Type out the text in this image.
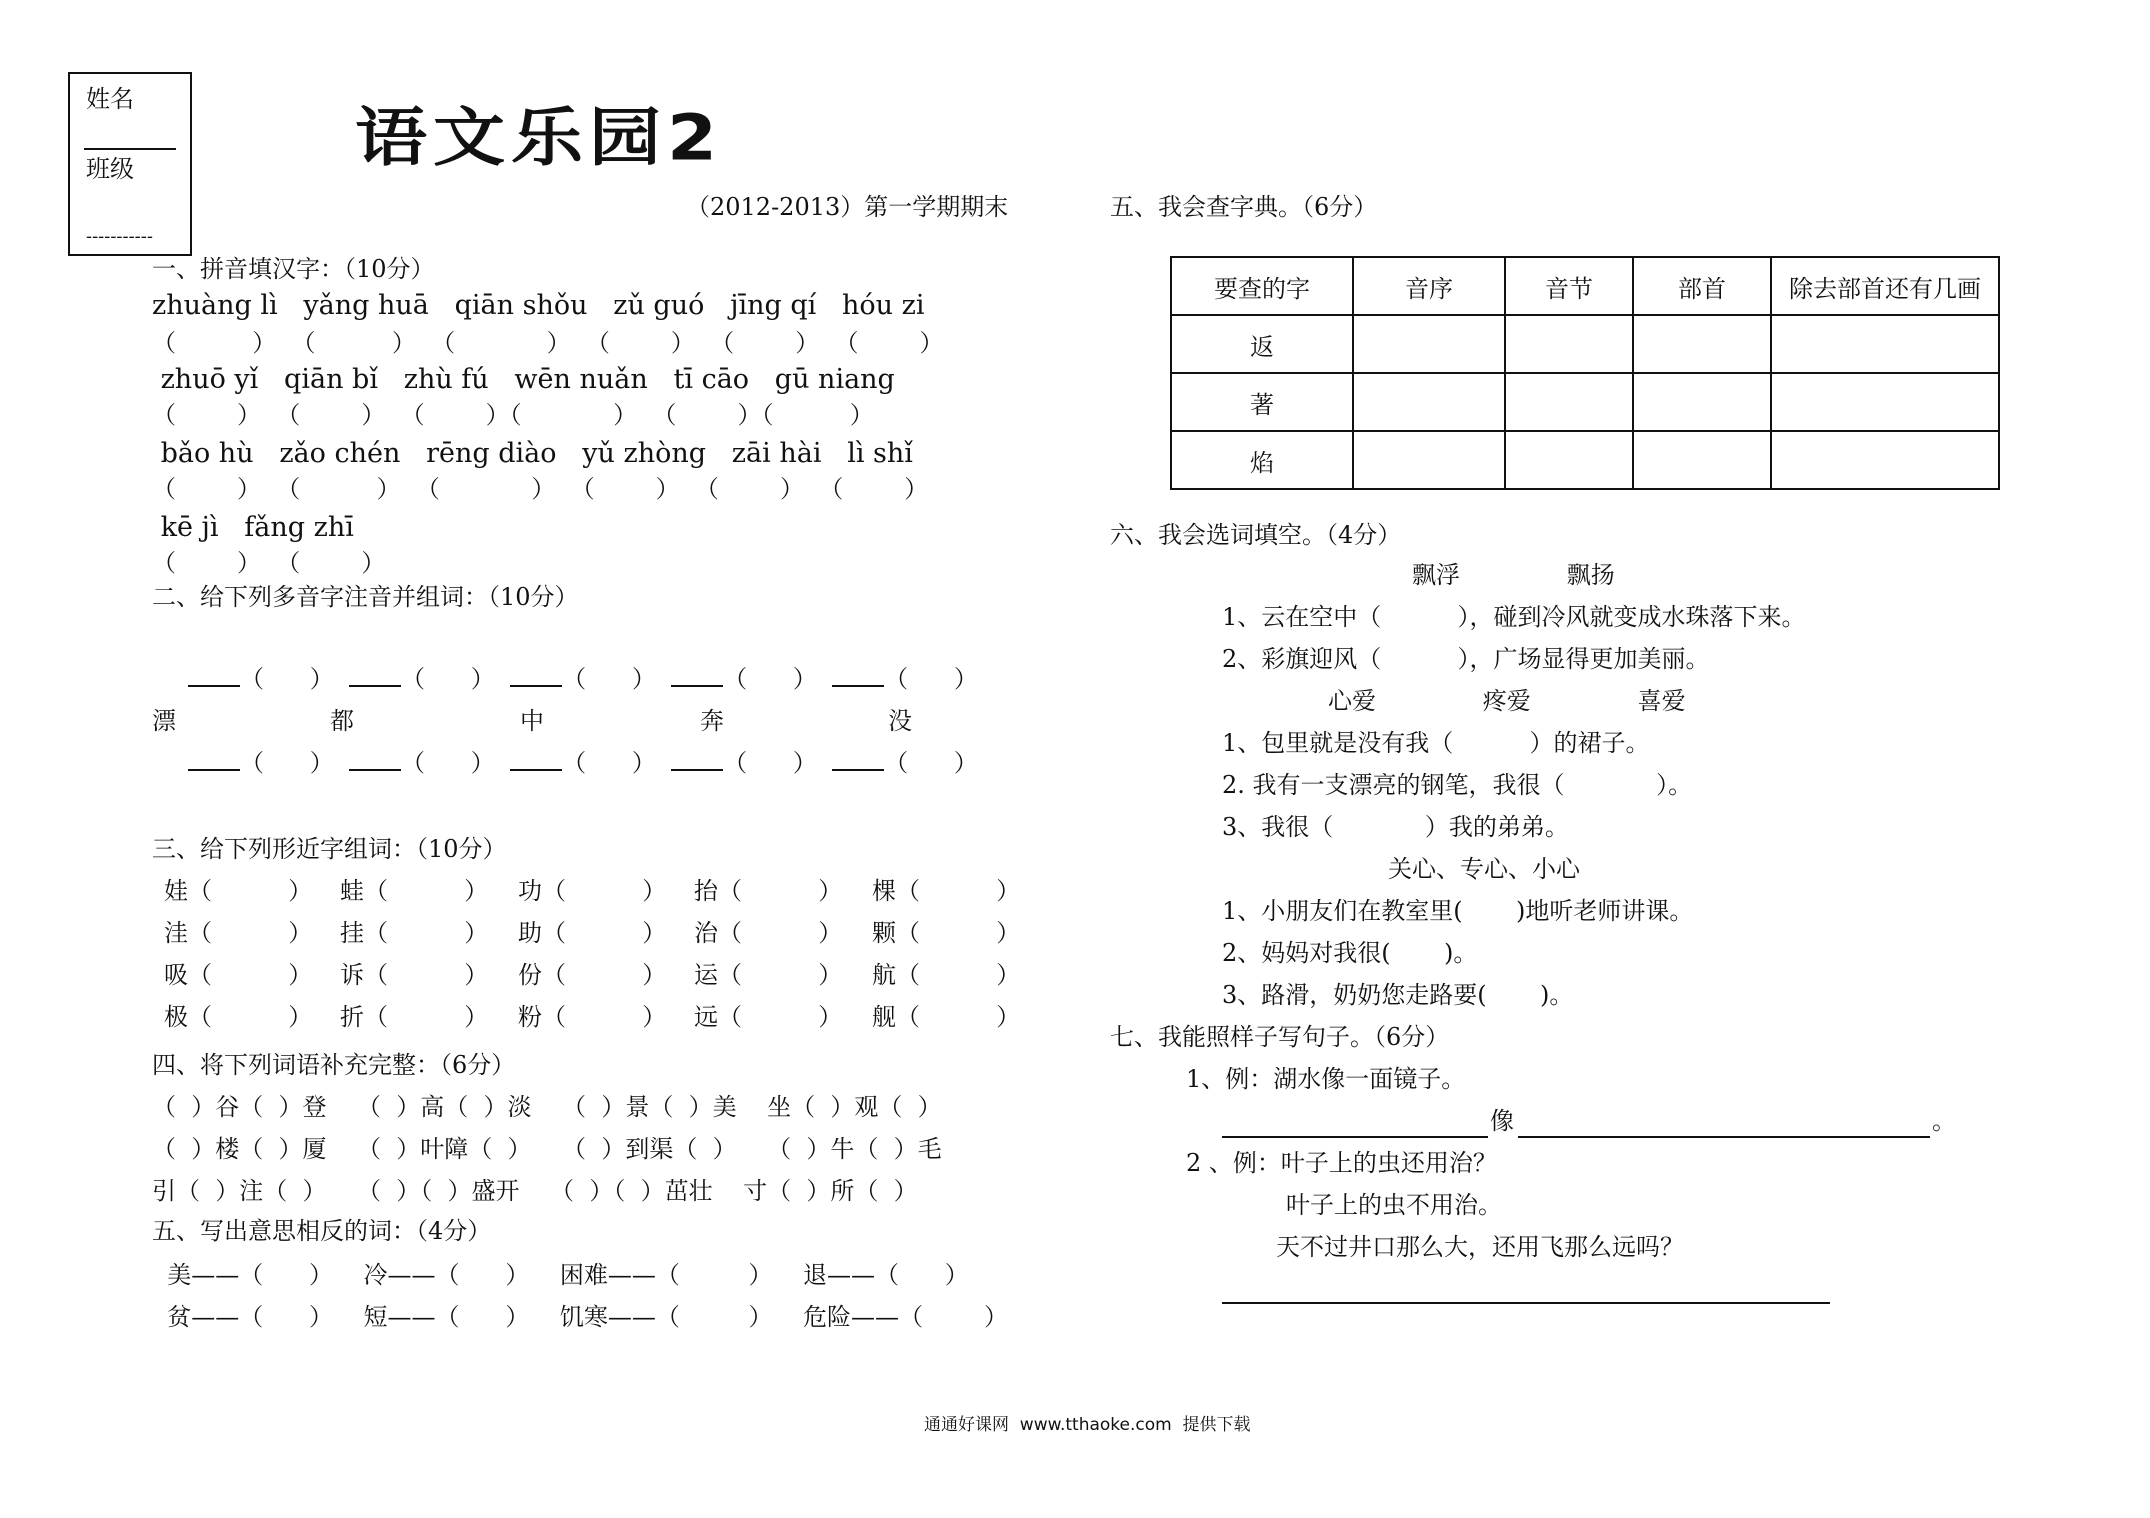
姓名
班级
-----------
语文乐园2
（2012-2013）第一学期期末
一、拼音填汉字：（10分）
zhuàng lì   yǎng huā   qiān shǒu   zǔ guó   jīng qí   hóu zi
（          ）  （          ）  （            ）  （        ）  （        ）  （        ）
zhuō yǐ   qiān bǐ   zhù fú   wēn nuǎn   tī cāo   gū niang
（        ）  （        ）  （        ）（            ）  （        ）（          ）
bǎo hù   zǎo chén   rēng diào   yǔ zhòng   zāi hài   lì shǐ
（        ）  （          ）  （            ）  （        ）  （        ）  （        ）
kē jì   fǎng zhī
（        ）  （        ）
二、给下列多音字注音并组词：（10分）
（      ）  （      ）  （      ）  （      ）  （      ）
漂	都	中	奔	没
（      ）  （      ）  （      ）  （      ）  （      ）
三、给下列形近字组词：（10分）
娃 （          ） 蛙 （          ） 功 （          ） 抬 （          ） 棵 （          ）
洼 （          ） 挂 （          ） 助 （          ） 治 （          ） 颗 （          ）
吸 （          ） 诉 （          ） 份 （          ） 运 （          ） 航 （          ）
极 （          ） 折 （          ） 粉 （          ） 远 （          ） 舰 （          ）
四、将下列词语补充完整：（6分）
（  ）谷（  ）登    （  ）高（  ）淡    （  ）景（  ）美    坐（  ）观（  ）
（  ）楼（  ）厦    （  ）叶障（  ）    （  ）到渠（  ）    （  ）牛（  ）毛
引（  ）注（  ）    （  ）（  ）盛开    （  ）（  ）茁壮    寸（  ）所（  ）
五、写出意思相反的词：（4分）
美——（      ）    冷——（      ）    困难——（         ）    退——（      ）
贫——（      ）    短——（      ）    饥寒——（         ）    危险——（        ）
五、我会查字典。（6分）
要查的字	音序	音节	部首	除去部首还有几画
返				
著				
焰				
六、我会选词填空。（4分）
飘浮              飘扬
1、云在空中（          ），碰到冷风就变成水珠落下来。
2、彩旗迎风（          ），广场显得更加美丽。
心爱              疼爱              喜爱
1、包里就是没有我（          ）的裙子。
2. 我有一支漂亮的钢笔，我很（            ）。
3、我很（            ）我的弟弟。
关心、专心、小心
1、小朋友们在教室里(       )地听老师讲课。
2、妈妈对我很(       )。
3、路滑，奶奶您走路要(       )。
七、我能照样子写句子。（6分）
1、例：湖水像一面镜子。
像	。
2 、例：叶子上的虫还用治？
叶子上的虫不用治。
天不过井口那么大，还用飞那么远吗？
通通好课网  www.tthaoke.com  提供下载
